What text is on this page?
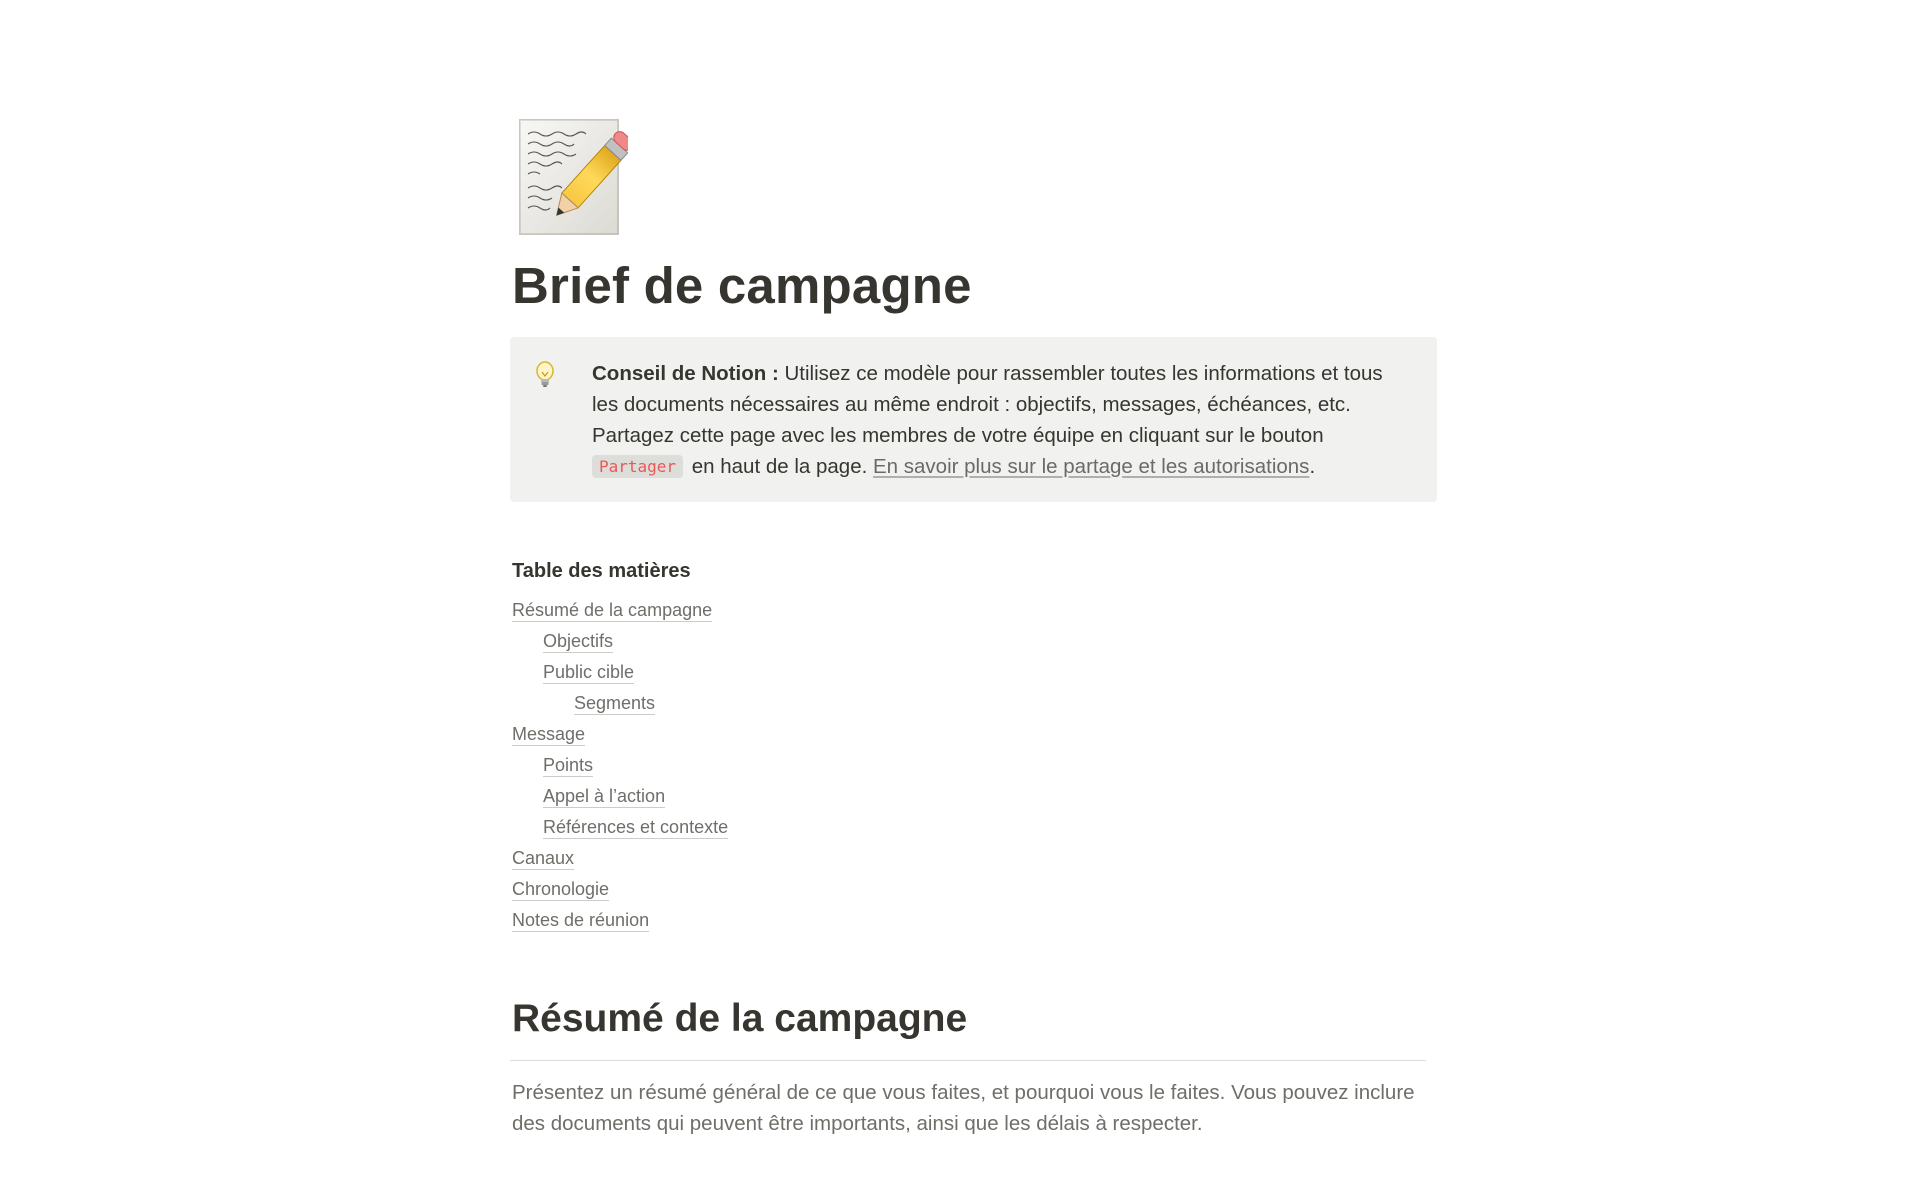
Brief de campagne
Conseil de Notion : Utilisez ce modèle pour rassembler toutes les informations et tous les documents nécessaires au même endroit : objectifs, messages, échéances, etc. Partagez cette page avec les membres de votre équipe en cliquant sur le bouton Partager en haut de la page. En savoir plus sur le partage et les autorisations.
Table des matières
Résumé de la campagne
Objectifs
Public cible
Segments
Message
Points
Appel à l’action
Références et contexte
Canaux
Chronologie
Notes de réunion
Résumé de la campagne

Présentez un résumé général de ce que vous faites, et pourquoi vous le faites. Vous pouvez inclure des documents qui peuvent être importants, ainsi que les délais à respecter.
